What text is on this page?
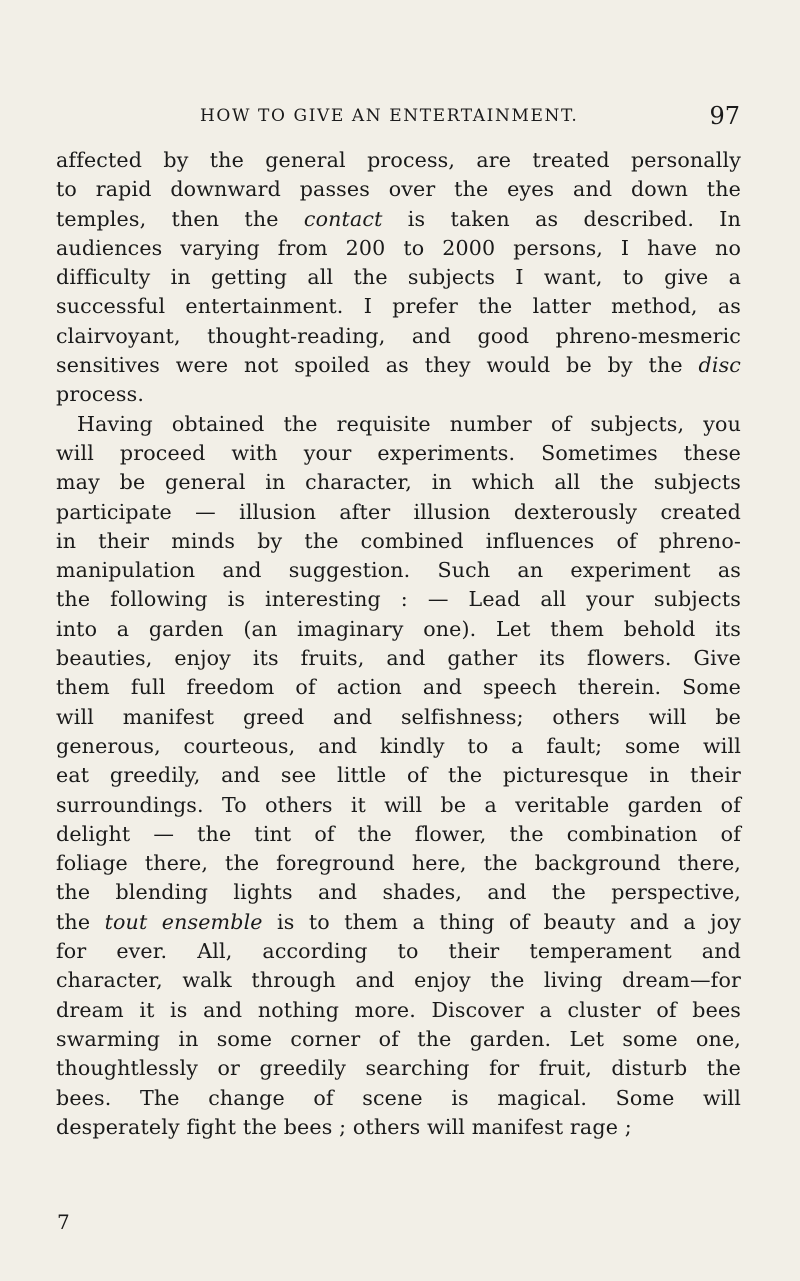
HOW TO GIVE AN ENTERTAINMENT.	97

affected by the general process, are treated personally
to rapid downward passes over the eyes and down the
temples, then the contact is taken as described. In
audiences varying from 200 to 2000 persons, I have no
difficulty in getting all the subjects I want, to give a
successful entertainment. I prefer the latter method, as
clairvoyant, thought-reading, and good phreno-mesmeric
sensitives were not spoiled as they would be by the disc
process.

Having obtained the requisite number of subjects, you
will proceed with your experiments. Sometimes these
may be general in character, in which all the subjects
participate — illusion after illusion dexterously created
in their minds by the combined influences of phreno-
manipulation and suggestion. Such an experiment as
the following is interesting : — Lead all your subjects
into a garden (an imaginary one). Let them behold its
beauties, enjoy its fruits, and gather its flowers. Give
them full freedom of action and speech therein. Some
will manifest greed and selfishness; others will be
generous, courteous, and kindly to a fault; some will
eat greedily, and see little of the picturesque in their
surroundings. To others it will be a veritable garden of
delight — the tint of the flower, the combination of
foliage there, the foreground here, the background there,
the blending lights and shades, and the perspective,
the tout ensemble is to them a thing of beauty and a joy
for ever. All, according to their temperament and
character, walk through and enjoy the living dream—for
dream it is and nothing more. Discover a cluster of bees
swarming in some corner of the garden. Let some one,
thoughtlessly or greedily searching for fruit, disturb the
bees. The change of scene is magical. Some will
desperately fight the bees ; others will manifest rage ;

7
